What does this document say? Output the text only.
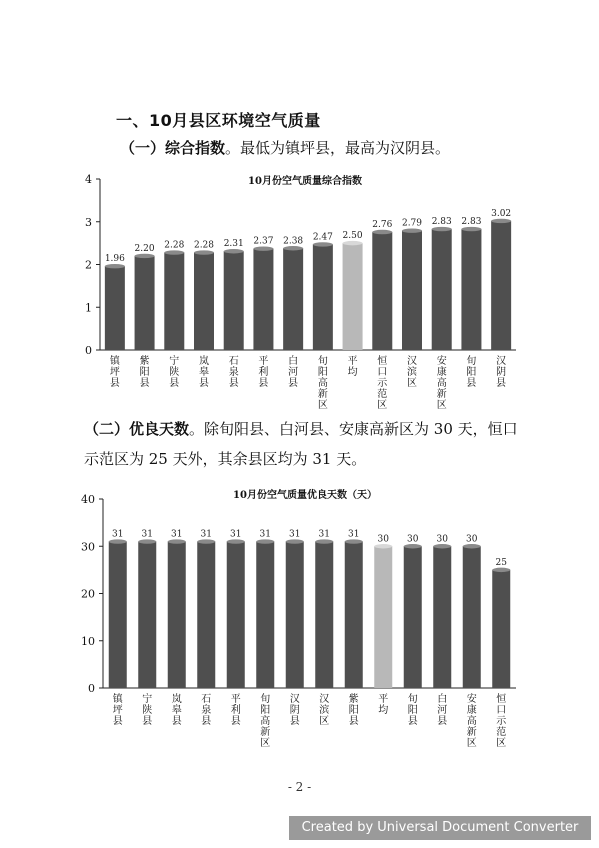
一、10月县区环境空气质量
（一）综合指数。最低为镇坪县，最高为汉阴县。
10月份空气质量综合指数
0
1
2
3
4
1.96
镇
坪
县
2.20
紫
阳
县
2.28
宁
陕
县
2.28
岚
皋
县
2.31
石
泉
县
2.37
平
利
县
2.38
白
河
县
2.47
旬
阳
高
新
区
2.50
平
均
2.76
恒
口
示
范
区
2.79
汉
滨
区
2.83
安
康
高
新
区
2.83
旬
阳
县
3.02
汉
阴
县
（二）优良天数。除旬阳县、白河县、安康高新区为 30 天，恒口示范区为 25 天外，其余县区均为 31 天。
10月份空气质量优良天数（天）
0
10
20
30
40
31
镇
坪
县
31
宁
陕
县
31
岚
皋
县
31
石
泉
县
31
平
利
县
31
旬
阳
高
新
区
31
汉
阴
县
31
汉
滨
区
31
紫
阳
县
30
平
均
30
旬
阳
县
30
白
河
县
30
安
康
高
新
区
25
恒
口
示
范
区
- 2 -
Created by Universal Document Converter
